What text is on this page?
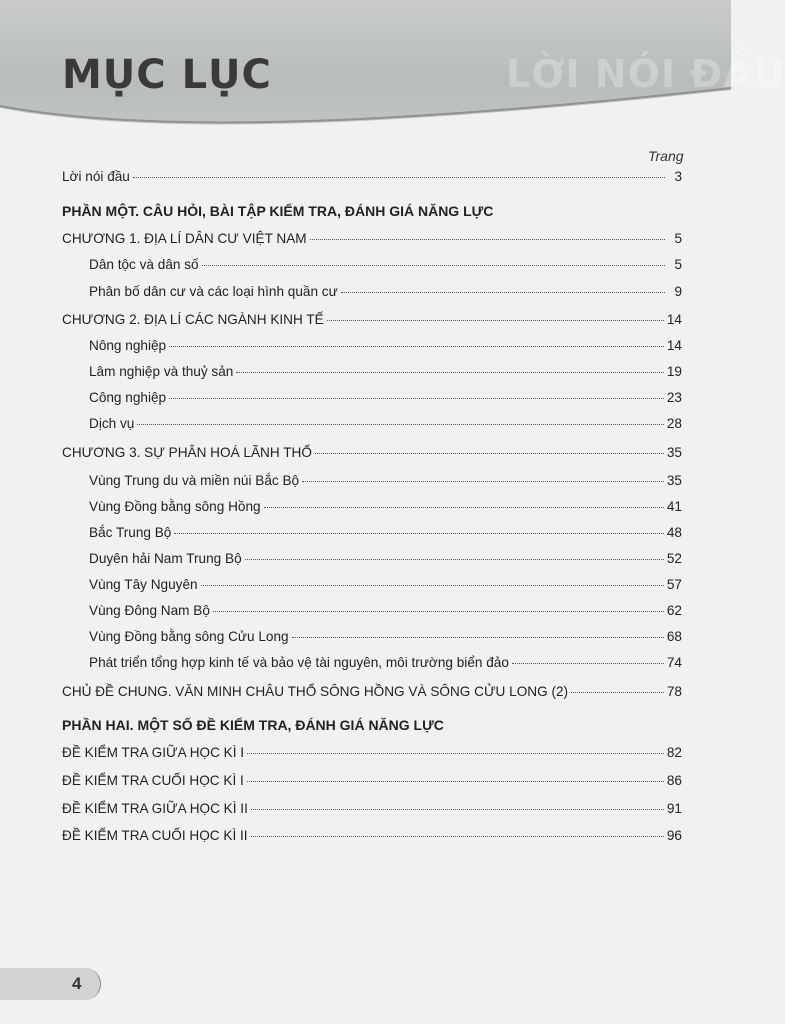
LỜI NÓI ĐẦU
MỤC LỤC
Trang
Lời nói đầu	3
PHẦN MỘT. CÂU HỎI, BÀI TẬP KIỂM TRA, ĐÁNH GIÁ NĂNG LỰC
CHƯƠNG 1. ĐỊA LÍ DÂN CƯ VIỆT NAM	5
Dân tộc và dân số	5
Phân bố dân cư và các loại hình quần cư	9
CHƯƠNG 2. ĐỊA LÍ CÁC NGÀNH KINH TẾ	14
Nông nghiệp	14
Lâm nghiệp và thuỷ sản	19
Công nghiệp	23
Dịch vụ	28
CHƯƠNG 3. SỰ PHÂN HOÁ LÃNH THỔ	35
Vùng Trung du và miền núi Bắc Bộ	35
Vùng Đồng bằng sông Hồng	41
Bắc Trung Bộ	48
Duyên hải Nam Trung Bộ	52
Vùng Tây Nguyên	57
Vùng Đông Nam Bộ	62
Vùng Đồng bằng sông Cửu Long	68
Phát triển tổng hợp kinh tế và bảo vệ tài nguyên, môi trường biển đảo	74
CHỦ ĐỀ CHUNG. VĂN MINH CHÂU THỔ SÔNG HỒNG VÀ SÔNG CỬU LONG (2)	78
PHẦN HAI. MỘT SỐ ĐỀ KIỂM TRA, ĐÁNH GIÁ NĂNG LỰC
ĐỀ KIỂM TRA GIỮA HỌC KÌ I	82
ĐỀ KIỂM TRA CUỐI HỌC KÌ I	86
ĐỀ KIỂM TRA GIỮA HỌC KÌ II	91
ĐỀ KIỂM TRA CUỐI HỌC KÌ II	96
4
